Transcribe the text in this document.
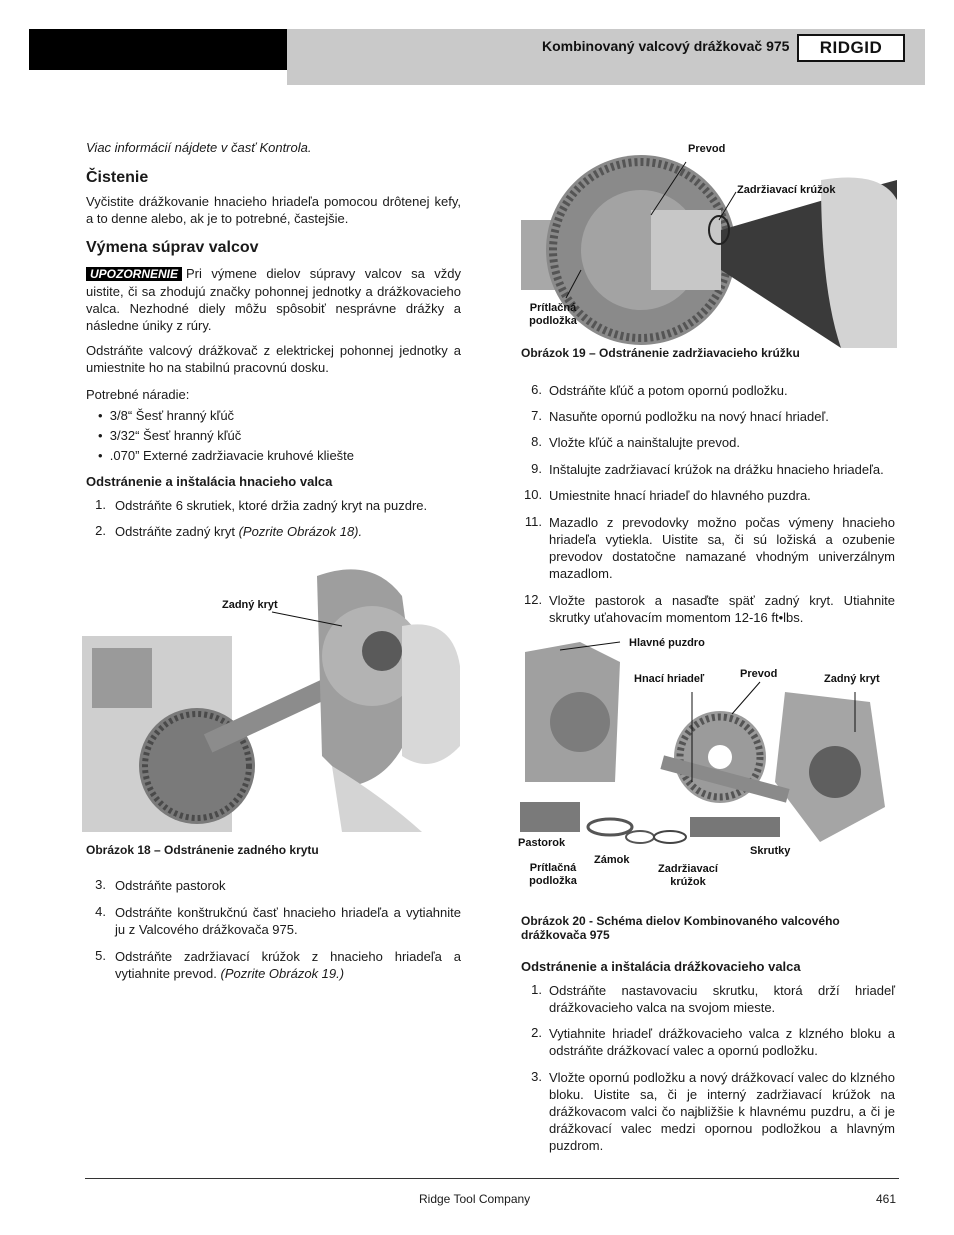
Kombinovaný valcový drážkovač 975	RIDGID
Viac informácií nájdete v časť Kontrola.
Čistenie
Vyčistite drážkovanie hnacieho hriadeľa pomocou drôtenej kefy, a to denne alebo, ak je to potrebné, častejšie.
Výmena súprav valcov
UPOZORNENIE Pri výmene dielov súpravy valcov sa vždy uistite, či sa zhodujú značky pohonnej jednotky a drážkovacieho valca. Nezhodné diely môžu spôsobiť nesprávne drážky a následne úniky z rúry.
Odstráňte valcový drážkovač z elektrickej pohonnej jednotky a umiestnite ho na stabilnú pracovnú dosku.
Potrebné náradie:
•  3/8“ Šesť hranný kľúč
•  3/32“ Šesť hranný kľúč
•  .070” Externé zadržiavacie kruhové kliešte
Odstránenie a inštalácia hnacieho valca
1. Odstráňte 6 skrutiek, ktoré držia zadný kryt na puzdre.
2. Odstráňte zadný kryt (Pozrite Obrázok 18).
Zadný kryt
Obrázok 18 – Odstránenie zadného krytu
3. Odstráňte pastorok
4. Odstráňte konštrukčnú časť hnacieho hriadeľa a vytiahnite ju z Valcového drážkovača 975.
5. Odstráňte zadržiavací krúžok z hnacieho hriadeľa a vytiahnite prevod. (Pozrite Obrázok 19.)
Prevod
Zadržiavací krúžok
Prítlačná podložka
Obrázok 19 – Odstránenie zadržiavacieho krúžku
6. Odstráňte kľúč a potom opornú podložku.
7. Nasuňte opornú podložku na nový hnací hriadeľ.
8. Vložte kľúč a nainštalujte prevod.
9. Inštalujte zadržiavací krúžok na drážku hnacieho hriadeľa.
10. Umiestnite hnací hriadeľ do hlavného puzdra.
11. Mazadlo z prevodovky možno počas výmeny hnacieho hriadeľa vytiekla. Uistite sa, či sú ložiská a ozubenie prevodov dostatočne namazané vhodným univerzálnym mazadlom.
12. Vložte pastorok a nasaďte späť zadný kryt. Utiahnite skrutky uťahovacím momentom 12-16 ft•lbs.
Hlavné puzdro
Hnací hriadeľ	Prevod	Zadný kryt
Pastorok
Prítlačná podložka
Zámok
Zadržiavací krúžok
Skrutky
Obrázok 20 - Schéma dielov Kombinovaného valcového drážkovača 975
Odstránenie a inštalácia drážkovacieho valca
1. Odstráňte nastavovaciu skrutku, ktorá drží hriadeľ drážkovacieho valca na svojom mieste.
2. Vytiahnite hriadeľ drážkovacieho valca z klzného bloku a odstráňte drážkovací valec a opornú podložku.
3. Vložte opornú podložku a nový drážkovací valec do klzného bloku. Uistite sa, či je interný zadržiavací krúžok na drážkovacom valci čo najbližšie k hlavnému puzdru, a či je drážkovací valec medzi opornou podložkou a hlavným puzdrom.
Ridge Tool Company	461
